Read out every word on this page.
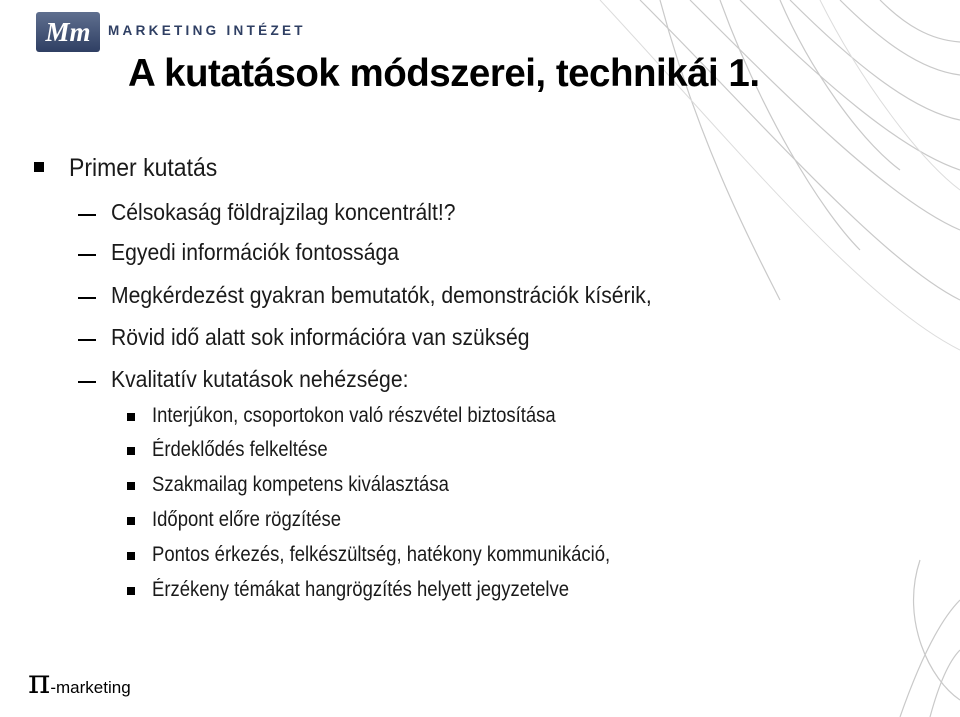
Mm	MARKETING INTÉZET
A kutatások módszerei, technikái 1.
Primer kutatás
Célsokaság földrajzilag koncentrált!?
Egyedi információk fontossága
Megkérdezést gyakran bemutatók, demonstrációk kísérik,
Rövid idő alatt sok információra van szükség
Kvalitatív kutatások nehézsége:
Interjúkon, csoportokon való részvétel biztosítása
Érdeklődés felkeltése
Szakmailag kompetens kiválasztása
Időpont előre rögzítése
Pontos érkezés, felkészültség, hatékony kommunikáció,
Érzékeny témákat hangrögzítés helyett jegyzetelve
π-marketing
